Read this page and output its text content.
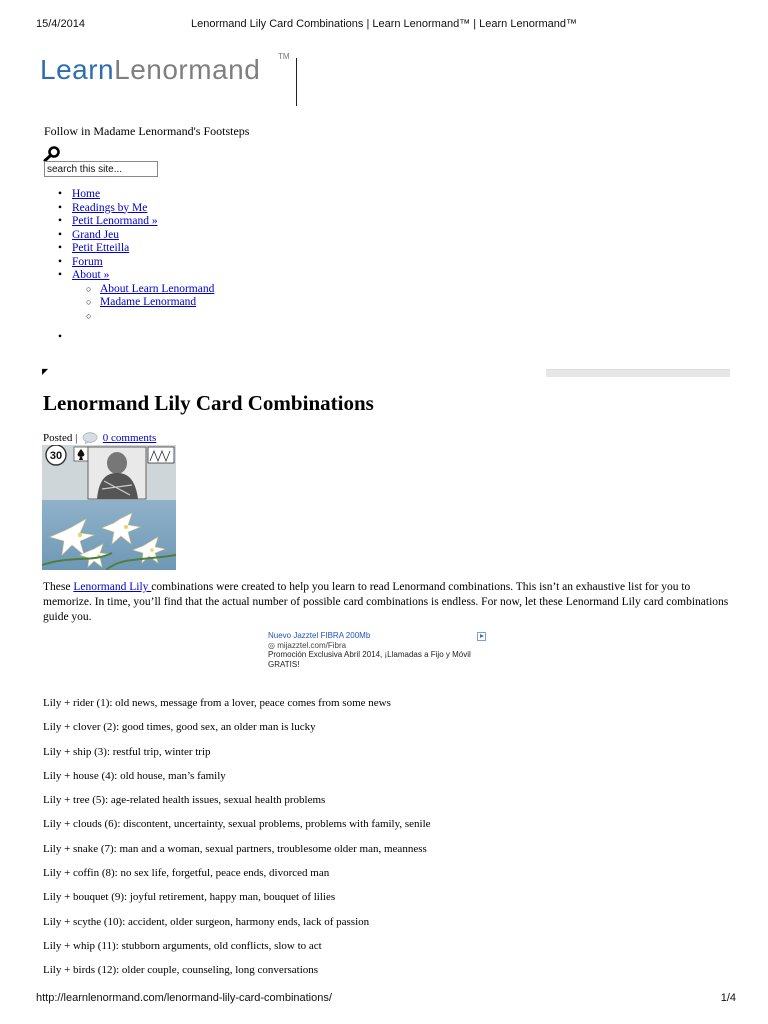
15/4/2014	Lenormand Lily Card Combinations | Learn Lenormand™ | Learn Lenormand™
LearnLenormand TM
Follow in Madame Lenormand's Footsteps
search this site...
• Home
• Readings by Me
• Petit Lenormand »
• Grand Jeu
• Petit Etteilla
• Forum
• About »
○ About Learn Lenormand
○ Madame Lenormand
○
•
◤
Lenormand Lily Card Combinations
Posted | 0 comments
30

These Lenormand Lily combinations were created to help you learn to read Lenormand combinations. This isn’t an exhaustive list for you to memorize. In time, you’ll find that the actual number of possible card combinations is endless. For now, let these Lenormand Lily card combinations guide you.

Nuevo Jazztel FIBRA 200Mb
◎ mijazztel.com/Fibra
Promoción Exclusiva Abril 2014, ¡Llamadas a Fijo y Móvil GRATIS!
Lily + rider (1): old news, message from a lover, peace comes from some news
Lily + clover (2): good times, good sex, an older man is lucky
Lily + ship (3): restful trip, winter trip
Lily + house (4): old house, man’s family
Lily + tree (5): age-related health issues, sexual health problems
Lily + clouds (6): discontent, uncertainty, sexual problems, problems with family, senile
Lily + snake (7): man and a woman, sexual partners, troublesome older man, meanness
Lily + coffin (8): no sex life, forgetful, peace ends, divorced man
Lily + bouquet (9): joyful retirement, happy man, bouquet of lilies
Lily + scythe (10): accident, older surgeon, harmony ends, lack of passion
Lily + whip (11): stubborn arguments, old conflicts, slow to act
Lily + birds (12): older couple, counseling, long conversations
http://learnlenormand.com/lenormand-lily-card-combinations/	1/4
